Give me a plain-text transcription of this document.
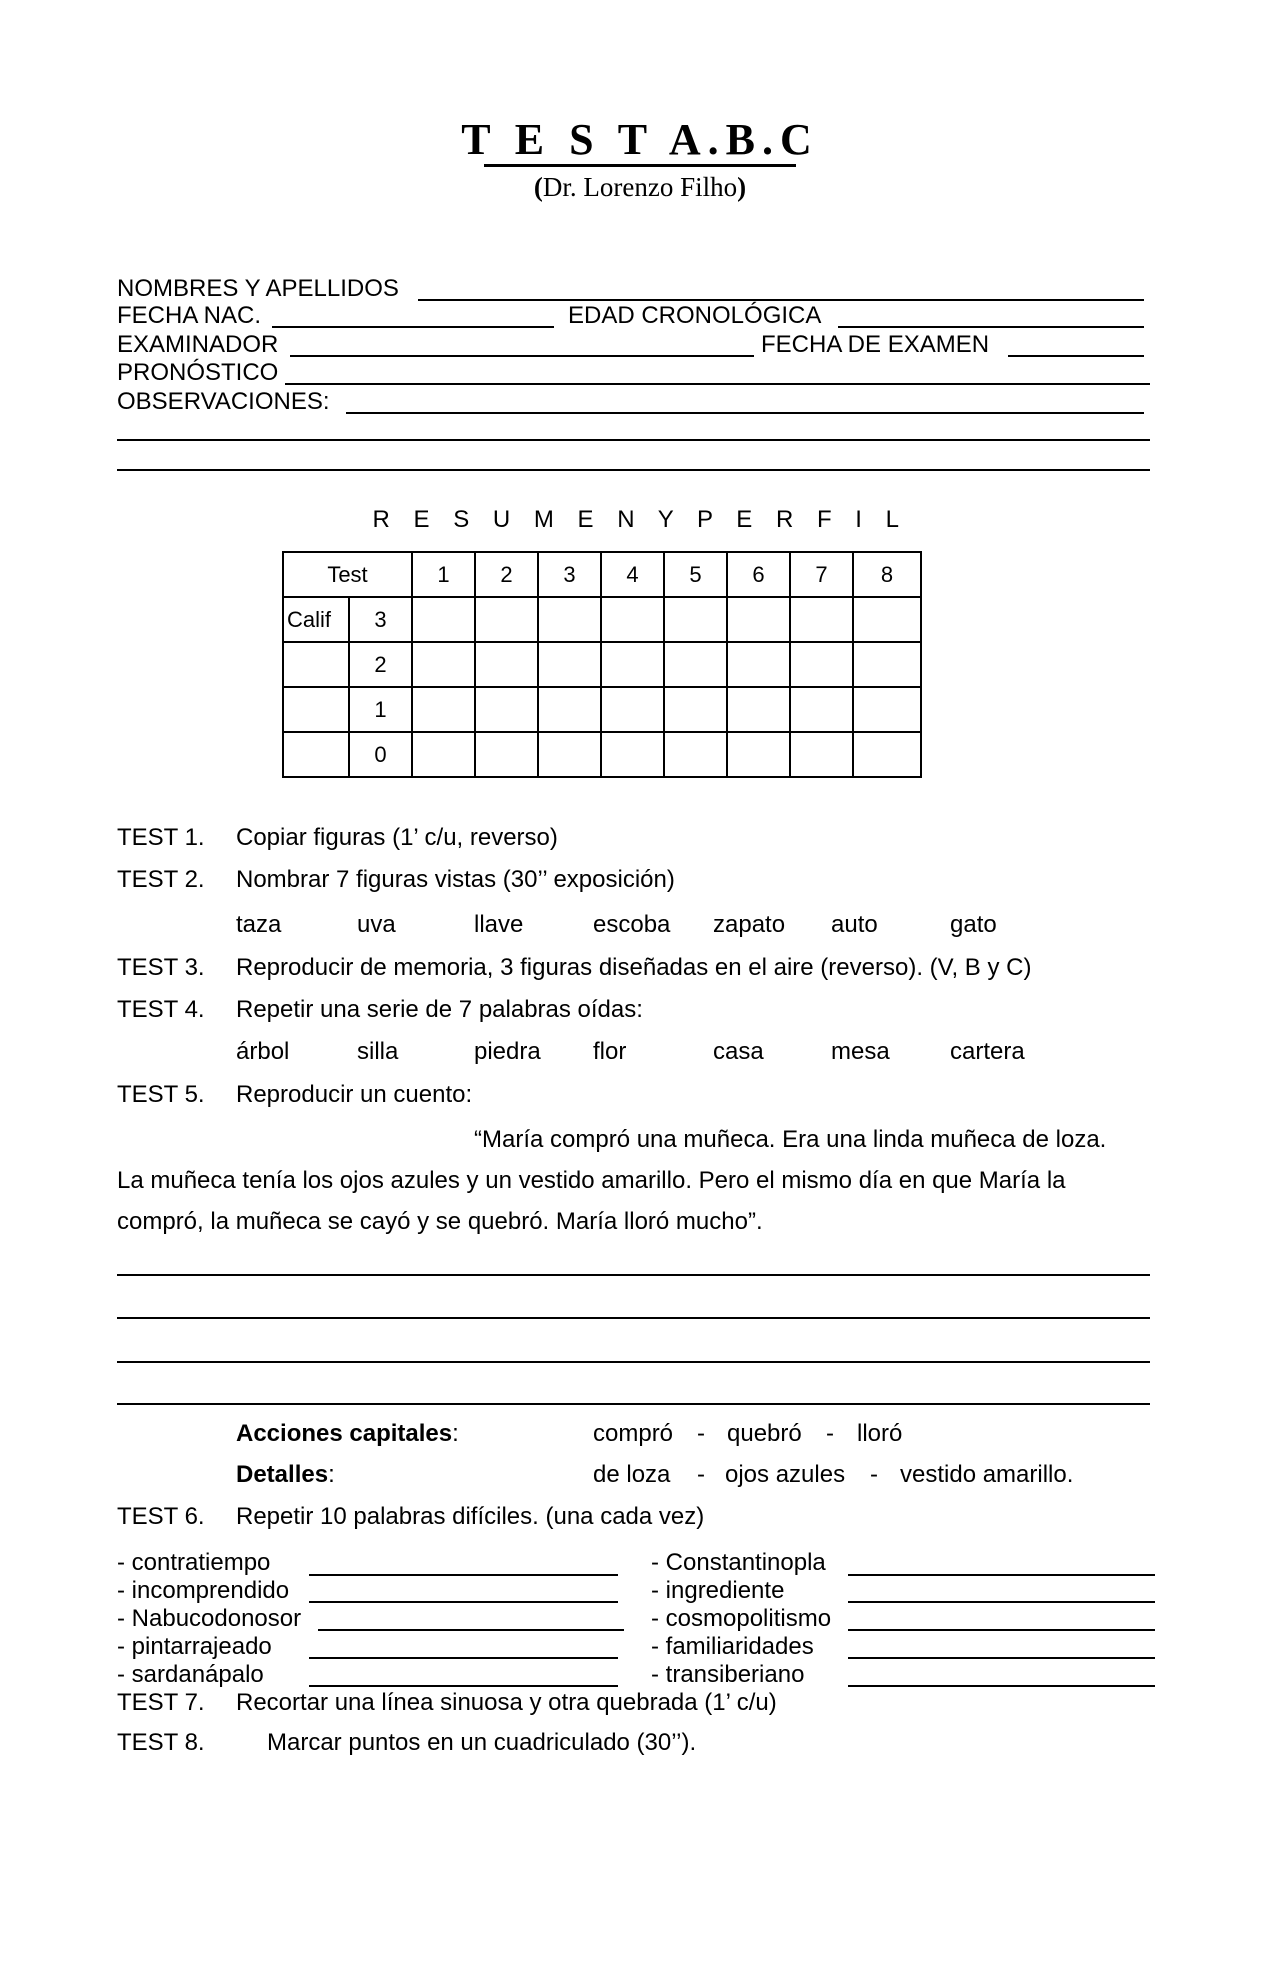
T E S T A.B.C
(Dr. Lorenzo Filho)
NOMBRES Y APELLIDOS
FECHA NAC.	EDAD CRONOLÓGICA
EXAMINADOR	FECHA DE EXAMEN
PRONÓSTICO
OBSERVACIONES:
R E S U M E N Y P E R F I L
Test		1	2	3	4	5	6	7	8
Calif	3								
	2								
	1								
	0								
TEST 1. Copiar figuras (1’ c/u, reverso)
TEST 2. Nombrar 7 figuras vistas (30’’ exposición)
taza	uva	llave	escoba zapato auto	gato
TEST 3. Reproducir de memoria, 3 figuras diseñadas en el aire (reverso). (V, B y C)
TEST 4. Repetir una serie de 7 palabras oídas:
árbol	silla	piedra flor	casa	mesa	cartera
TEST 5. Reproducir un cuento:
“María compró una muñeca. Era una linda muñeca de loza.
La muñeca tenía los ojos azules y un vestido amarillo. Pero el mismo día en que María la
compró, la muñeca se cayó y se quebró. María lloró mucho”.
Acciones capitales:	compró - quebró - lloró
Detalles:	de loza - ojos azules - vestido amarillo.
TEST 6. Repetir 10 palabras difíciles. (una cada vez)
- contratiempo	- Constantinopla
- incomprendido	- ingrediente
- Nabucodonosor	- cosmopolitismo
- pintarrajeado	- familiaridades
- sardanápalo	- transiberiano
TEST 7. Recortar una línea sinuosa y otra quebrada (1’ c/u)
TEST 8.	Marcar puntos en un cuadriculado (30’’).
